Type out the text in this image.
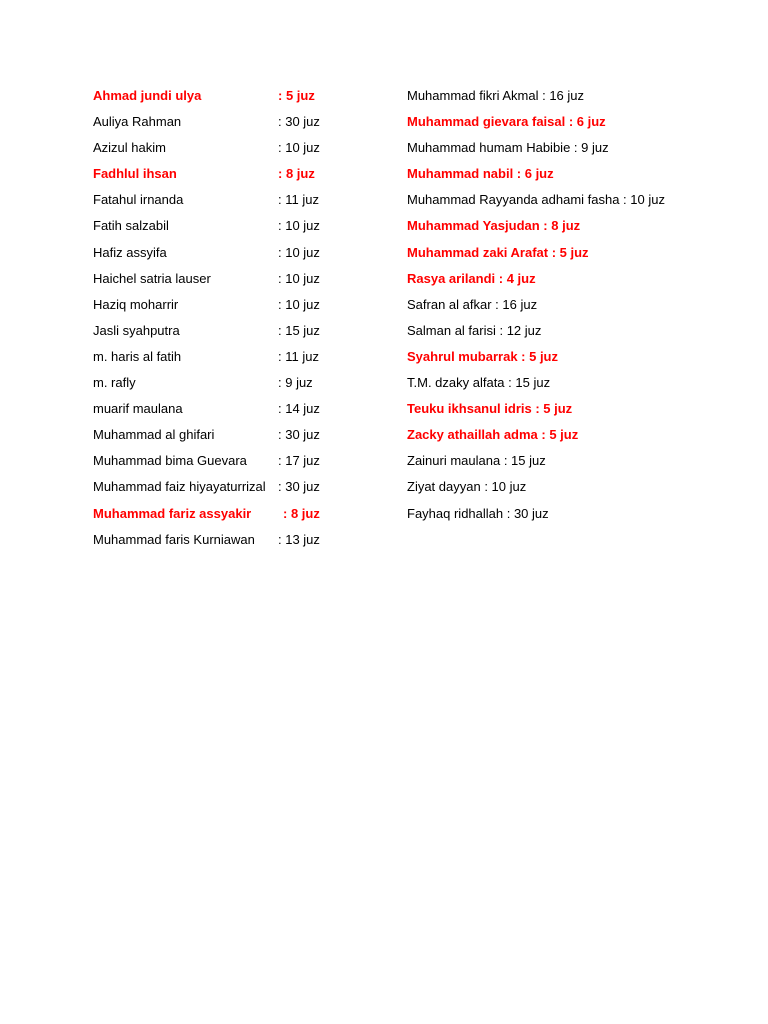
Ahmad jundi ulya	: 5 juz
Auliya Rahman	: 30 juz
Azizul hakim	: 10 juz
Fadhlul ihsan	: 8 juz
Fatahul irnanda	: 11 juz
Fatih salzabil	: 10 juz
Hafiz assyifa	: 10 juz
Haichel satria lauser	: 10 juz
Haziq moharrir	: 10 juz
Jasli syahputra	: 15 juz
m. haris al fatih	: 11 juz
m. rafly	: 9 juz
muarif maulana	: 14 juz
Muhammad al ghifari	: 30 juz
Muhammad bima Guevara : 17 juz
Muhammad faiz hiyayaturrizal : 30 juz
Muhammad fariz assyakir : 8 juz
Muhammad faris Kurniawan : 13 juz
Muhammad fikri Akmal : 16 juz
Muhammad gievara faisal : 6 juz
Muhammad humam Habibie : 9 juz
Muhammad nabil : 6 juz
Muhammad Rayyanda adhami fasha : 10 juz
Muhammad Yasjudan : 8 juz
Muhammad zaki Arafat : 5 juz
Rasya arilandi : 4 juz
Safran al afkar : 16 juz
Salman al farisi : 12 juz
Syahrul mubarrak : 5 juz
T.M. dzaky alfata : 15 juz
Teuku ikhsanul idris : 5 juz
Zacky athaillah adma : 5 juz
Zainuri maulana : 15 juz
Ziyat dayyan : 10 juz
Fayhaq ridhallah : 30 juz
